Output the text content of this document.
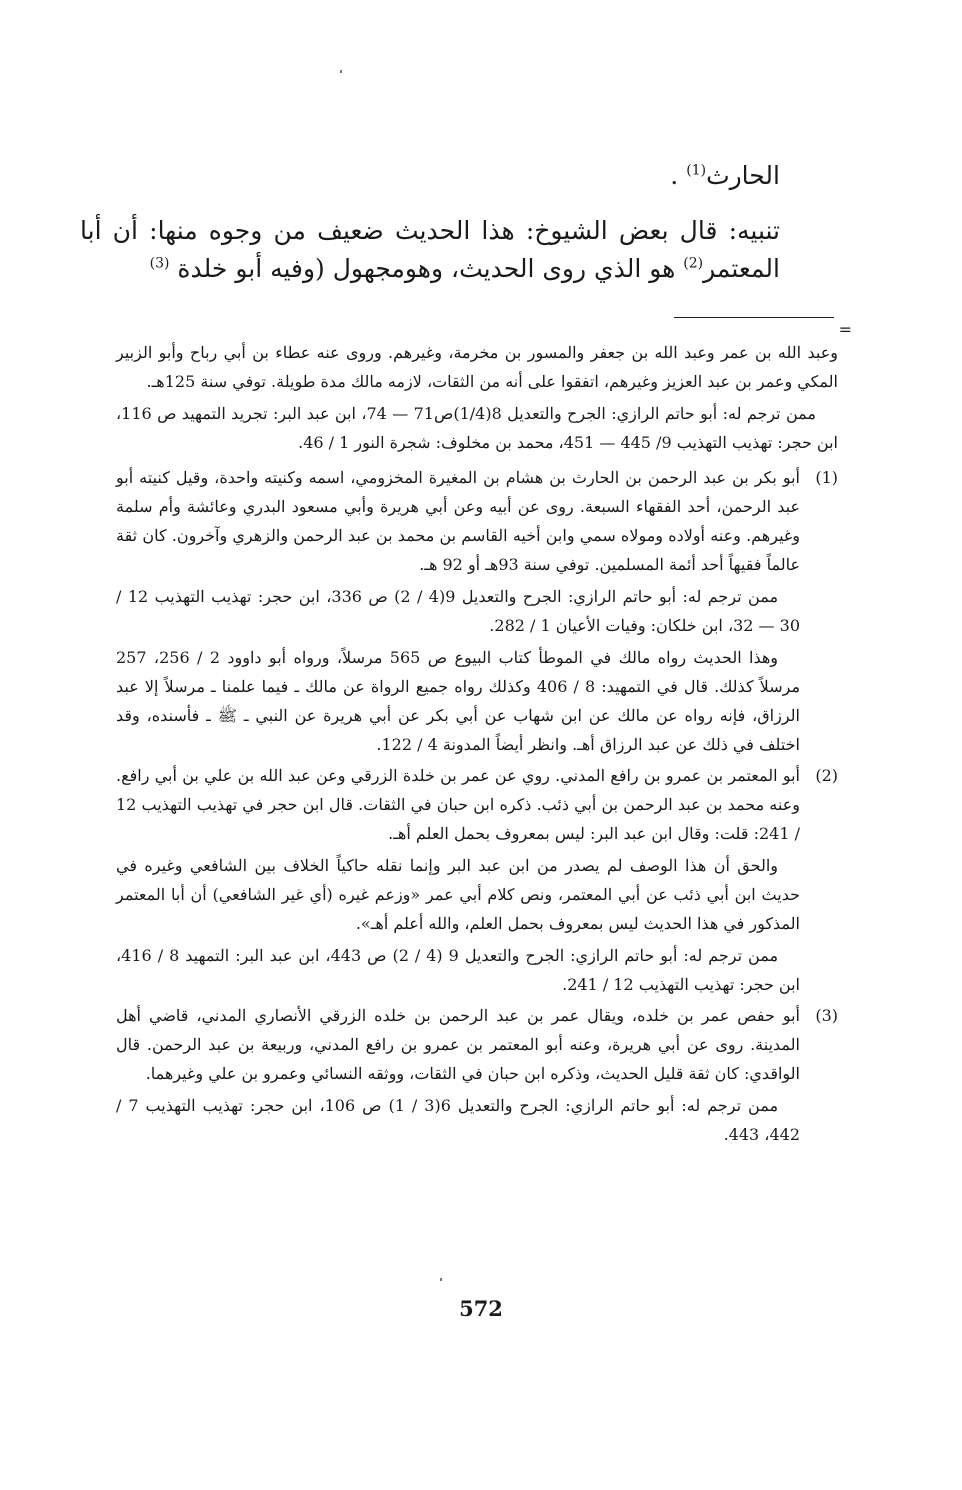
الحارث$^{(1)}$ .
تنبيه: قال بعض الشيوخ: هذا الحديث ضعيف من وجوه منها: أن أبا المعتمر$^{(2)}$ هو الذي روى الحديث، وهومجهول (وفيه أبو خلدة $^{(3)}$
=

وعبد الله بن عمر وعبد الله بن جعفر والمسور بن مخرمة، وغيرهم. وروى عنه عطاء بن أبي رباح وأبو الزبير المكي وعمر بن عبد العزيز وغيرهم، اتفقوا على أنه من الثقات، لازمه مالك مدة طويلة. توفي سنة 125هـ.

ممن ترجم له: أبو حاتم الرازي: الجرح والتعديل 8(1/4)ص71 — 74، ابن عبد البر: تجريد التمهيد ص 116، ابن حجر: تهذيب التهذيب 9/ 445 — 451، محمد بن مخلوف: شجرة النور 1 / 46.

(1)

أبو بكر بن عبد الرحمن بن الحارث بن هشام بن المغيرة المخزومي، اسمه وكنيته واحدة، وقيل كنيته أبو عبد الرحمن، أحد الفقهاء السبعة. روى عن أبيه وعن أبي هريرة وأبي مسعود البدري وعائشة وأم سلمة وغيرهم. وعنه أولاده ومولاه سمي وابن أخيه القاسم بن محمد بن عبد الرحمن والزهري وآخرون. كان ثقة عالماً فقيهاً أحد أئمة المسلمين. توفي سنة 93هـ أو 92 هـ.

ممن ترجم له: أبو حاتم الرازي: الجرح والتعديل 9(4 / 2) ص 336، ابن حجر: تهذيب التهذيب 12 / 30 — 32، ابن خلكان: وفيات الأعيان 1 / 282.

وهذا الحديث رواه مالك في الموطأ كتاب البيوع ص 565 مرسلاً، ورواه أبو داوود 2 / 256، 257 مرسلاً كذلك. قال في التمهيد: 8 / 406 وكذلك رواه جميع الرواة عن مالك ـ فيما علمنا ـ مرسلاً إلا عبد الرزاق، فإنه رواه عن مالك عن ابن شهاب عن أبي بكر عن أبي هريرة عن النبي ـ ﷺ ـ فأسنده، وقد اختلف في ذلك عن عبد الرزاق أهـ. وانظر أيضاً المدونة 4 / 122.

(2)

أبو المعتمر بن عمرو بن رافع المدني. روي عن عمر بن خلدة الزرقي وعن عبد الله بن علي بن أبي رافع. وعنه محمد بن عبد الرحمن بن أبي ذئب. ذكره ابن حبان في الثقات. قال ابن حجر في تهذيب التهذيب 12 / 241: قلت: وقال ابن عبد البر: ليس بمعروف بحمل العلم أهـ.

والحق أن هذا الوصف لم يصدر من ابن عبد البر وإنما نقله حاكياً الخلاف بين الشافعي وغيره في حديث ابن أبي ذئب عن أبي المعتمر، ونص كلام أبي عمر «وزعم غيره (أي غير الشافعي) أن أبا المعتمر المذكور في هذا الحديث ليس بمعروف بحمل العلم، والله أعلم أهـ».

ممن ترجم له: أبو حاتم الرازي: الجرح والتعديل 9 (4 / 2) ص 443، ابن عبد البر: التمهيد 8 / 416، ابن حجر: تهذيب التهذيب 12 / 241.

(3)

أبو حفص عمر بن خلده، ويقال عمر بن عبد الرحمن بن خلده الزرقي الأنصاري المدني، قاضي أهل المدينة. روى عن أبي هريرة، وعنه أبو المعتمر بن عمرو بن رافع المدني، وربيعة بن عبد الرحمن. قال الواقدي: كان ثقة قليل الحديث، وذكره ابن حبان في الثقات، ووثقه النسائي وعمرو بن علي وغيرهما.

ممن ترجم له: أبو حاتم الرازي: الجرح والتعديل 6(3 / 1) ص 106، ابن حجر: تهذيب التهذيب 7 / 442، 443.

572
